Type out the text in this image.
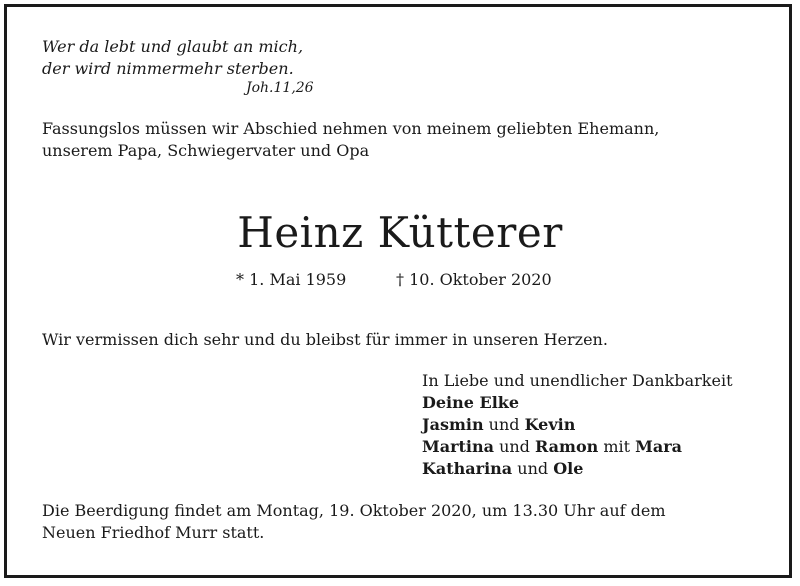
Wer da lebt und glaubt an mich,
der wird nimmermehr sterben.
Joh.11,26
Fassungslos müssen wir Abschied nehmen von meinem geliebten Ehemann,
unserem Papa, Schwiegervater und Opa
Heinz Kütterer
* 1. Mai 1959	† 10. Oktober 2020
Wir vermissen dich sehr und du bleibst für immer in unseren Herzen.
In Liebe und unendlicher Dankbarkeit
Deine Elke
Jasmin und Kevin
Martina und Ramon mit Mara
Katharina und Ole
Die Beerdigung findet am Montag, 19. Oktober 2020, um 13.30 Uhr auf dem
Neuen Friedhof Murr statt.
